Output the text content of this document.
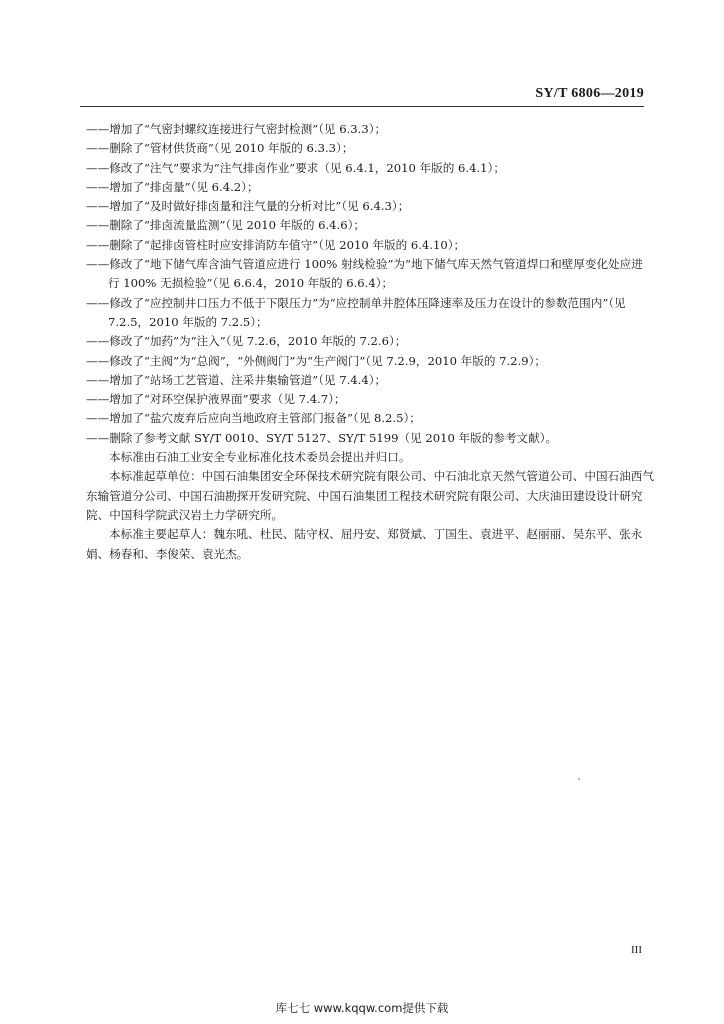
SY/T 6806—2019

——增加了“气密封螺纹连接进行气密封检测”（见 6.3.3）；

——删除了“管材供货商”（见 2010 年版的 6.3.3）；

——修改了“注气”要求为“注气排卤作业”要求（见 6.4.1，2010 年版的 6.4.1）；

——增加了“排卤量”（见 6.4.2）；

——增加了“及时做好排卤量和注气量的分析对比”（见 6.4.3）；

——删除了“排卤流量监测”（见 2010 年版的 6.4.6）；

——删除了“起排卤管柱时应安排消防车值守”（见 2010 年版的 6.4.10）；

——修改了“地下储气库含油气管道应进行 100% 射线检验”为“地下储气库天然气管道焊口和壁厚变化处应进行 100% 无损检验”（见 6.6.4，2010 年版的 6.6.4）；

——修改了“应控制井口压力不低于下限压力”为“应控制单井腔体压降速率及压力在设计的参数范围内”（见 7.2.5，2010 年版的 7.2.5）；

——修改了“加药”为“注入”（见 7.2.6，2010 年版的 7.2.6）；

——修改了“主阀”为“总阀”，“外侧阀门”为“生产阀门”（见 7.2.9，2010 年版的 7.2.9）；

——增加了“站场工艺管道、注采井集输管道”（见 7.4.4）；

——增加了“对环空保护液界面”要求（见 7.4.7）；

——增加了“盐穴废弃后应向当地政府主管部门报备”（见 8.2.5）；

——删除了参考文献 SY/T 0010、SY/T 5127、SY/T 5199（见 2010 年版的参考文献）。

本标准由石油工业安全专业标准化技术委员会提出并归口。

本标准起草单位：中国石油集团安全环保技术研究院有限公司、中石油北京天然气管道公司、中国石油西气东输管道分公司、中国石油勘探开发研究院、中国石油集团工程技术研究院有限公司、大庆油田建设设计研究院、中国科学院武汉岩土力学研究所。

本标准主要起草人：魏东吼、杜民、陆守权、屈丹安、郑贤斌、丁国生、袁进平、赵丽丽、吴东平、张永娟、杨春和、李俊荣、袁光杰。

III
库七七 www.kqqw.com提供下载
